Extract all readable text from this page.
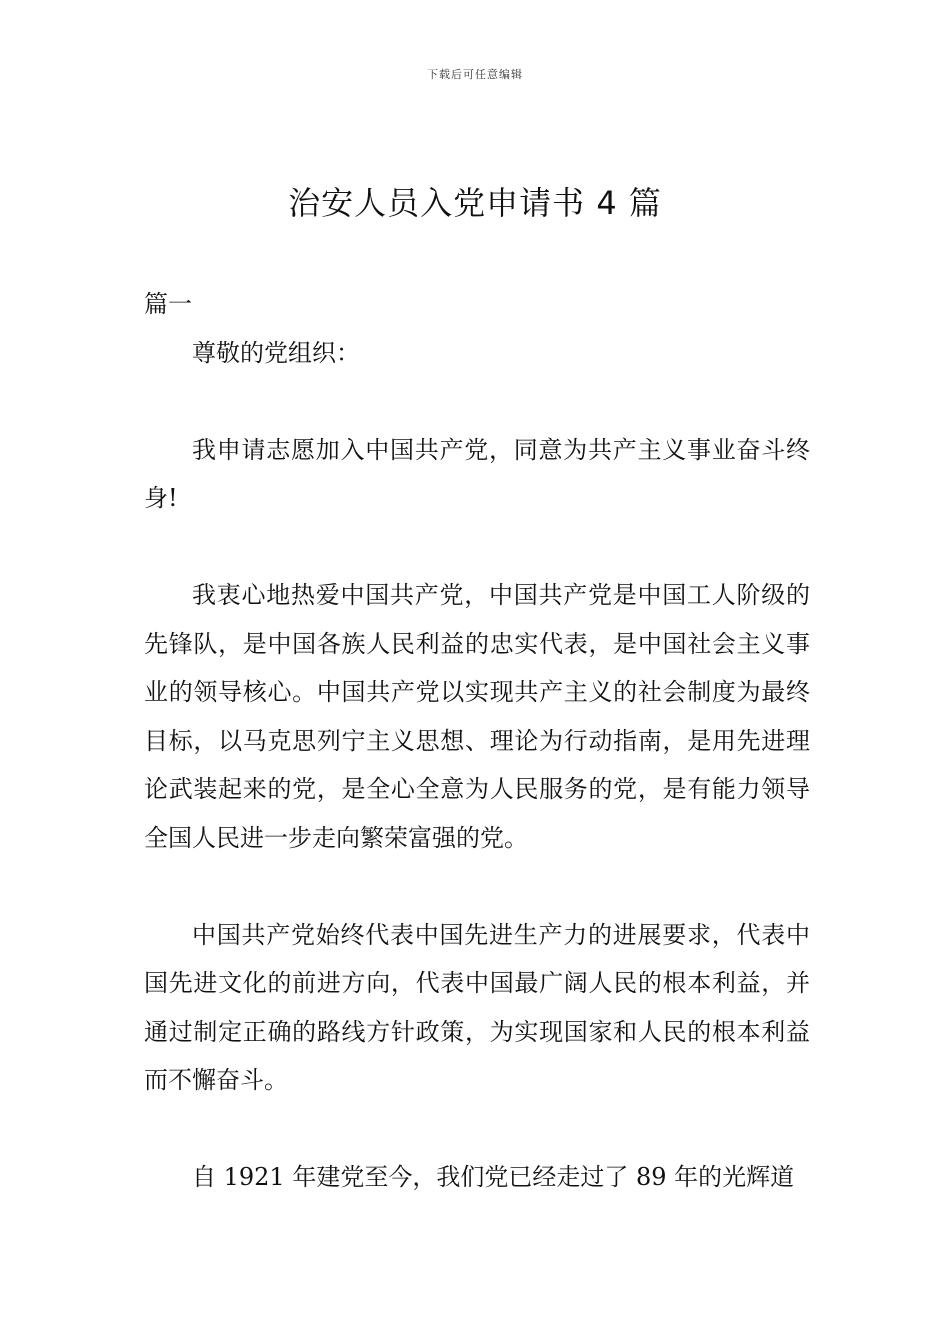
下载后可任意编辑
治安人员入党申请书 4 篇

篇一

尊敬的党组织：

我申请志愿加入中国共产党，同意为共产主义事业奋斗终身!

我衷心地热爱中国共产党，中国共产党是中国工人阶级的先锋队，是中国各族人民利益的忠实代表，是中国社会主义事业的领导核心。中国共产党以实现共产主义的社会制度为最终目标，以马克思列宁主义思想、理论为行动指南，是用先进理论武装起来的党，是全心全意为人民服务的党，是有能力领导全国人民进一步走向繁荣富强的党。

中国共产党始终代表中国先进生产力的进展要求，代表中国先进文化的前进方向，代表中国最广阔人民的根本利益，并通过制定正确的路线方针政策，为实现国家和人民的根本利益而不懈奋斗。

自 1921 年建党至今，我们党已经走过了 89 年的光辉道
